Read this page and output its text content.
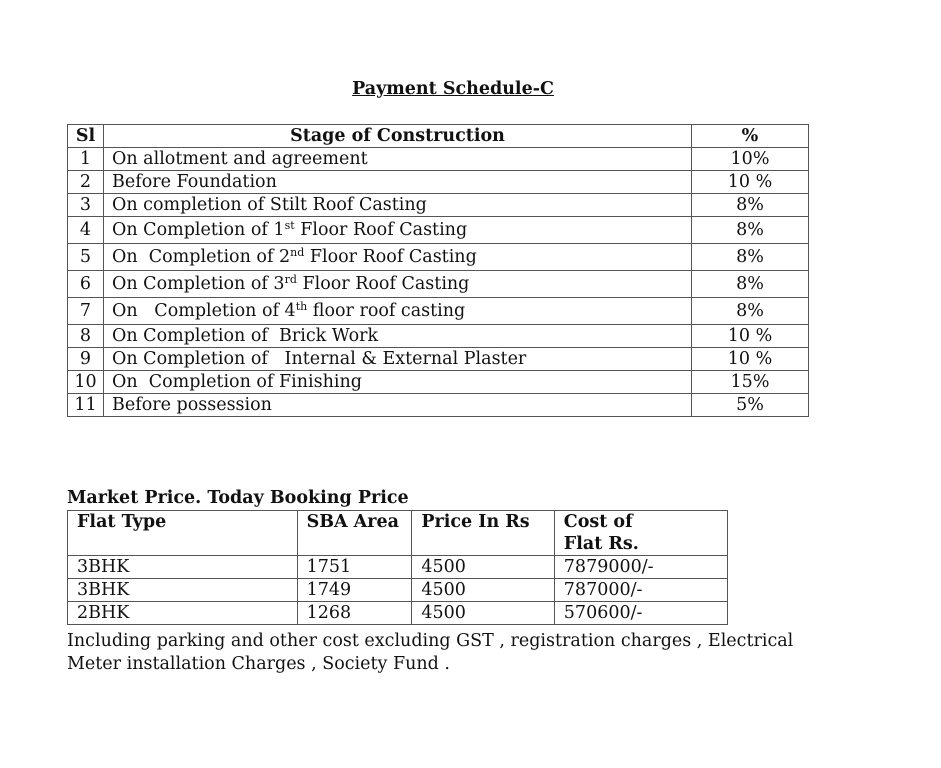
Payment Schedule-C
Sl	Stage of Construction	%
1	On allotment and agreement	10%
2	Before Foundation	10 %
3	On completion of Stilt Roof Casting	8%
4	On Completion of 1st Floor Roof Casting	8%
5	On  Completion of 2nd Floor Roof Casting	8%
6	On Completion of 3rd Floor Roof Casting	8%
7	On   Completion of 4th floor roof casting	8%
8	On Completion of  Brick Work	10 %
9	On Completion of   Internal & External Plaster	10 %
10	On  Completion of Finishing	15%
11	Before possession	5%
Market Price. Today Booking Price
Flat Type	SBA Area	Price In Rs	Cost of Flat Rs.
3BHK	1751	4500	7879000/-
3BHK	1749	4500	787000/-
2BHK	1268	4500	570600/-
Including parking and other cost excluding GST , registration charges , Electrical Meter installation Charges , Society Fund .
